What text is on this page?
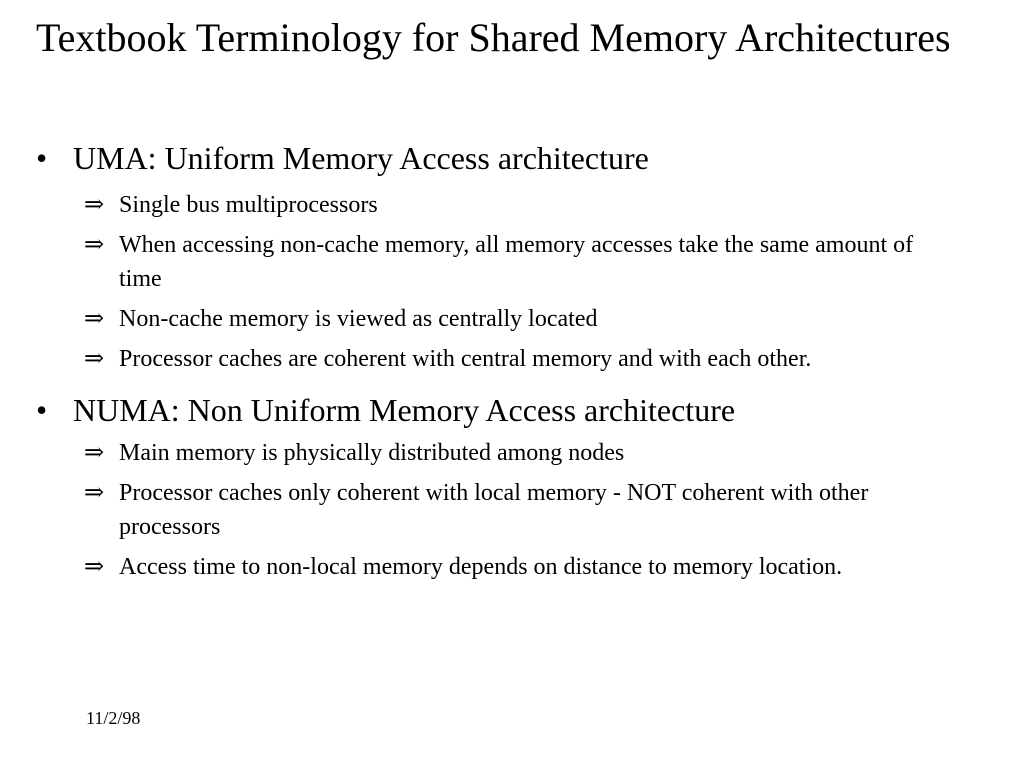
Textbook Terminology for Shared Memory Architectures
• UMA: Uniform Memory Access architecture
⇒ Single bus multiprocessors
⇒ When accessing non-cache memory, all memory accesses take the same amount of time
⇒ Non-cache memory is viewed as centrally located
⇒ Processor caches are coherent with central memory and with each other.
• NUMA: Non Uniform Memory Access architecture
⇒ Main memory is physically distributed among nodes
⇒ Processor caches only coherent with local memory - NOT coherent with other processors
⇒ Access time to non-local memory depends on distance to memory location.
11/2/98
